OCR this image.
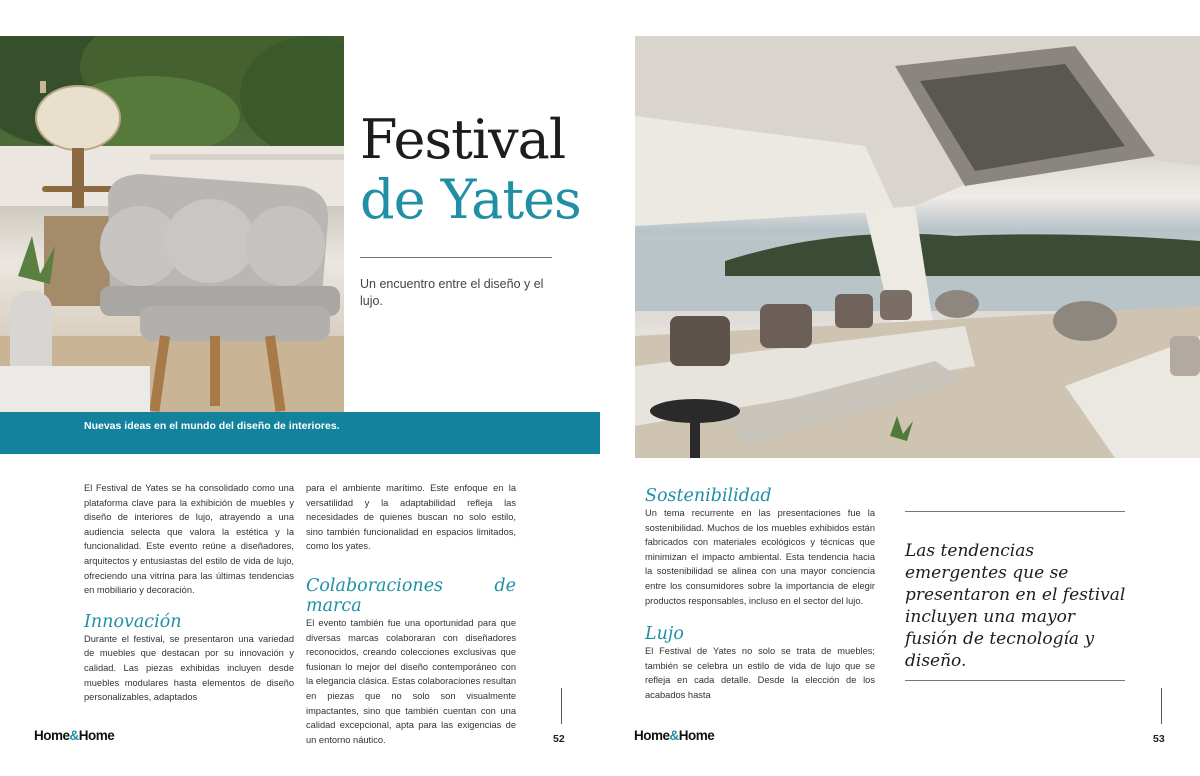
Festival
de Yates
Un encuentro entre el diseño y el lujo.
Nuevas ideas en el mundo del diseño de interiores.

El Festival de Yates se ha consolidado como una plataforma clave para la exhibición de muebles y diseño de interiores de lujo, atrayendo a una audiencia selecta que valora la estética y la funcionalidad. Este evento reúne a diseñadores, arquitectos y entusiastas del estilo de vida de lujo, ofreciendo una vitrina para las últimas tendencias en mobiliario y decoración.

Innovación

Durante el festival, se presentaron una variedad de muebles que destacan por su innovación y calidad. Las piezas exhibidas incluyen desde muebles modulares hasta elementos de diseño personalizables, adaptados

para el ambiente marítimo. Este enfoque en la versatilidad y la adaptabilidad refleja las necesidades de quienes buscan no solo estilo, sino también funcionalidad en espacios limitados, como los yates.

Colaboraciones de marca

El evento también fue una oportunidad para que diversas marcas colaboraran con diseñadores reconocidos, creando colecciones exclusivas que fusionan lo mejor del diseño contemporáneo con la elegancia clásica. Estas colaboraciones resultan en piezas que no solo son visualmente impactantes, sino que también cuentan con una calidad excepcional, apta para las exigencias de un entorno náutico.

Home&Home	52
Sostenibilidad

Un tema recurrente en las presentaciones fue la sostenibilidad. Muchos de los muebles exhibidos están fabricados con materiales ecológicos y técnicas que minimizan el impacto ambiental. Esta tendencia hacia la sostenibilidad se alinea con una mayor conciencia entre los consumidores sobre la importancia de elegir productos responsables, incluso en el sector del lujo.

Lujo

El Festival de Yates no solo se trata de muebles; también se celebra un estilo de vida de lujo que se refleja en cada detalle. Desde la elección de los acabados hasta

Las tendencias emergentes que se presentaron en el festival incluyen una mayor fusión de tecnología y diseño.
Home&Home	53
